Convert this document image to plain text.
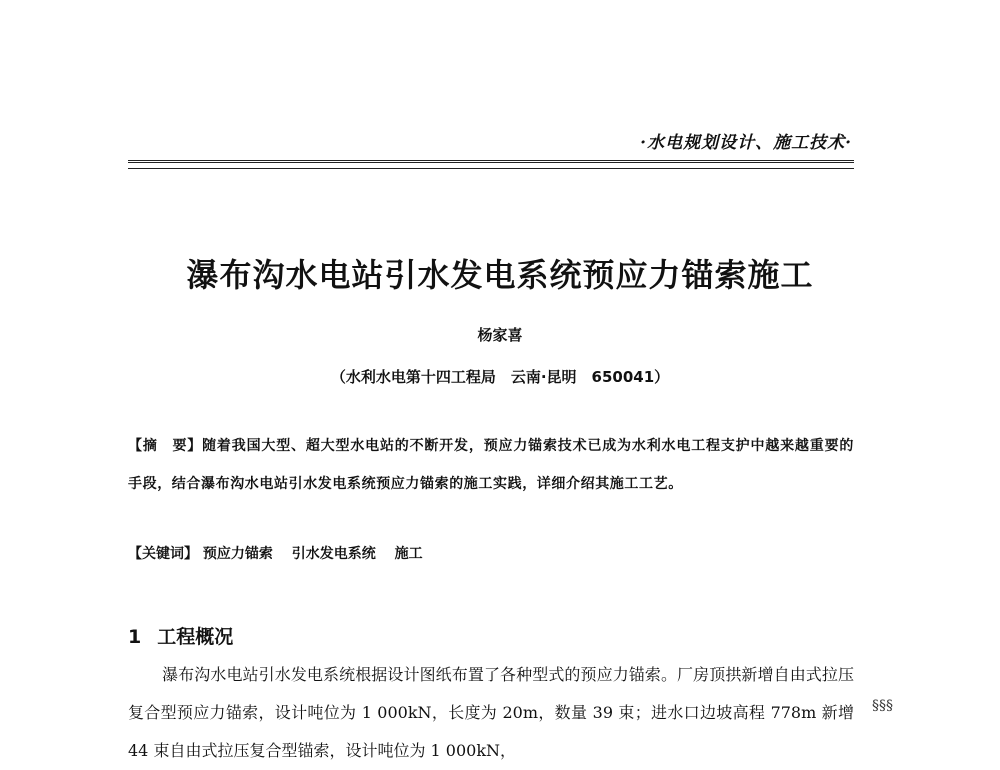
·水电规划设计、施工技术·
瀑布沟水电站引水发电系统预应力锚索施工
杨家喜
（水利水电第十四工程局　云南·昆明　650041）
【摘　要】随着我国大型、超大型水电站的不断开发，预应力锚索技术已成为水利水电工程支护中越来越重要的手段，结合瀑布沟水电站引水发电系统预应力锚索的施工实践，详细介绍其施工工艺。
【关键词】 预应力锚索 引水发电系统 施工
1 工程概况
瀑布沟水电站引水发电系统根据设计图纸布置了各种型式的预应力锚索。厂房顶拱新增自由式拉压复合型预应力锚索，设计吨位为 1 000kN，长度为 20m，数量 39 束；进水口边坡高程 778m 新增 44 束自由式拉压复合型锚索，设计吨位为 1 000kN，
§§§
